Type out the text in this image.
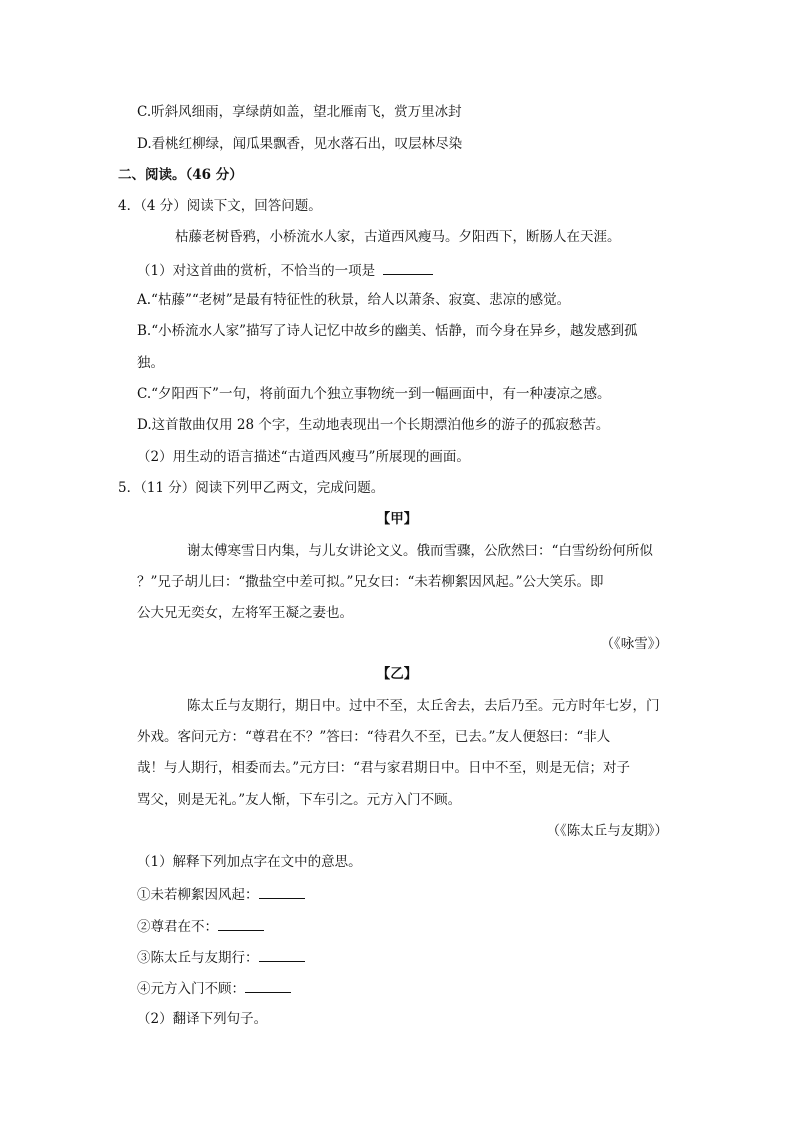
C.听斜风细雨，享绿荫如盖，望北雁南飞，赏万里冰封
D.看桃红柳绿，闻瓜果飘香，见水落石出，叹层林尽染
二、阅读。（46 分）
4．（4 分）阅读下文，回答问题。
枯藤老树昏鸦，小桥流水人家，古道西风瘦马。夕阳西下，断肠人在天涯。
（1）对这首曲的赏析，不恰当的一项是
A.“枯藤”“老树”是最有特征性的秋景，给人以萧条、寂寞、悲凉的感觉。
B.“小桥流水人家”描写了诗人记忆中故乡的幽美、恬静，而今身在异乡，越发感到孤
独。
C.“夕阳西下”一句，将前面九个独立事物统一到一幅画面中，有一种凄凉之感。
D.这首散曲仅用 28 个字，生动地表现出一个长期漂泊他乡的游子的孤寂愁苦。
（2）用生动的语言描述“古道西风瘦马”所展现的画面。
5．（11 分）阅读下列甲乙两文，完成问题。
【甲】
谢太傅寒雪日内集，与儿女讲论文义。俄而雪骤，公欣然曰：“白雪纷纷何所似
？”兄子胡儿曰：“撒盐空中差可拟。”兄女曰：“未若柳絮因风起。”公大笑乐。即
公大兄无奕女，左将军王凝之妻也。
（《咏雪》）
【乙】
陈太丘与友期行，期日中。过中不至，太丘舍去，去后乃至。元方时年七岁，门
外戏。客问元方：“尊君在不？”答曰：“待君久不至，已去。”友人便怒曰：“非人
哉！与人期行，相委而去。”元方曰：“君与家君期日中。日中不至，则是无信；对子
骂父，则是无礼。”友人惭，下车引之。元方入门不顾。
（《陈太丘与友期》）
（1）解释下列加点字在文中的意思。
①未若柳絮因风起：
②尊君在不：
③陈太丘与友期行：
④元方入门不顾：
（2）翻译下列句子。
